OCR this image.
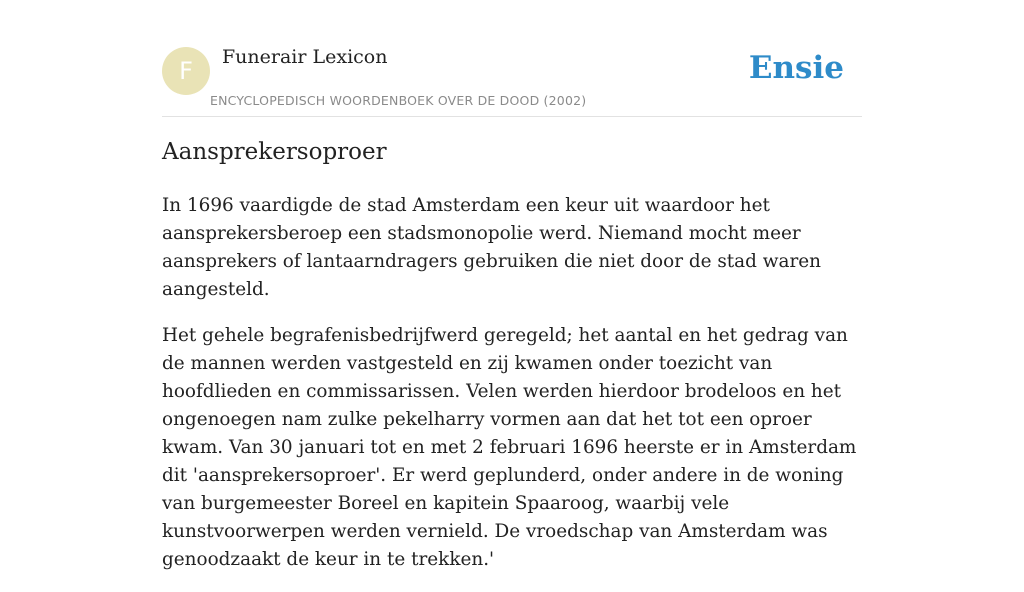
F	Funerair Lexicon
ENCYCLOPEDISCH WOORDENBOEK OVER DE DOOD (2002)
Ensie
Aansprekersoproer

In 1696 vaardigde de stad Amsterdam een keur uit waardoor het aansprekersberoep een stadsmonopolie werd. Niemand mocht meer aansprekers of lantaarndragers gebruiken die niet door de stad waren aangesteld.

Het gehele begrafenisbedrijfwerd geregeld; het aantal en het gedrag van de mannen werden vastgesteld en zij kwamen onder toezicht van hoofdlieden en commissarissen. Velen werden hierdoor brodeloos en het ongenoegen nam zulke pekelharry vormen aan dat het tot een oproer kwam. Van 30 januari tot en met 2 februari 1696 heerste er in Amsterdam dit 'aansprekersoproer'. Er werd geplunderd, onder andere in de woning van burgemeester Boreel en kapitein Spaaroog, waarbij vele kunstvoorwerpen werden vernield. De vroedschap van Amsterdam was genoodzaakt de keur in te trekken.'
